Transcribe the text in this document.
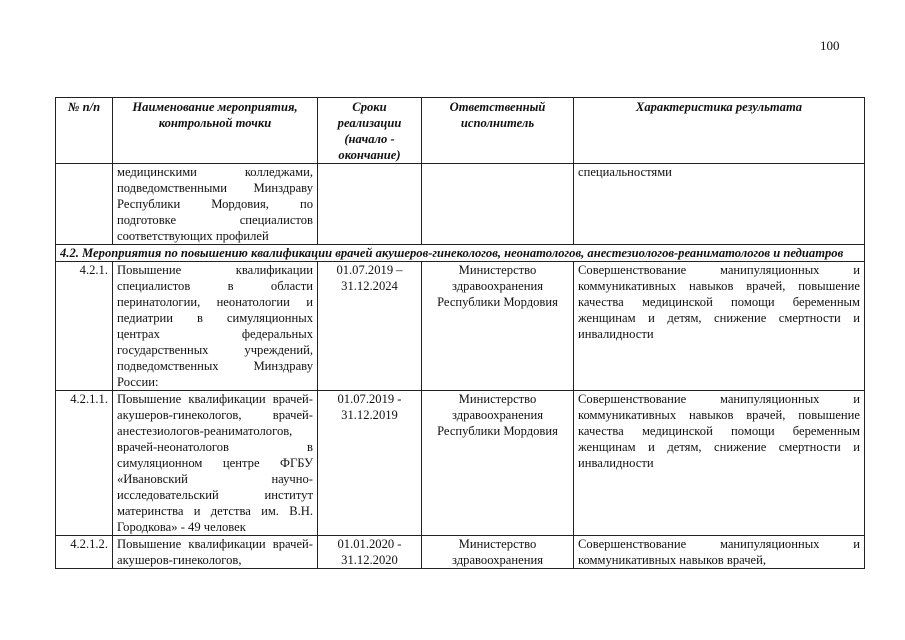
100
№ п/п	Наименование мероприятия, контрольной точки	Сроки реализации (начало - окончание)	Ответственный исполнитель	Характеристика результата
	медицинскими колледжами, подведомственными Минздраву Республики Мордовия, по подготовке специалистов соответствующих профилей			специальностями
4.2. Мероприятия по повышению квалификации врачей акушеров-гинекологов, неонатологов, анестезиологов-реаниматологов и педиатров				
4.2.1.	Повышение квалификации специалистов в области перинатологии, неонатологии и педиатрии в симуляционных центрах федеральных государственных учреждений, подведомственных Минздраву России:	01.07.2019 – 31.12.2024	Министерство здравоохранения Республики Мордовия	Совершенствование манипуляционных и коммуникативных навыков врачей, повышение качества медицинской помощи беременным женщинам и детям, снижение смертности и инвалидности
4.2.1.1.	Повышение квалификации врачей-акушеров-гинекологов, врачей-анестезиологов-реаниматологов, врачей-неонатологов в симуляционном центре ФГБУ «Ивановский научно-исследовательский институт материнства и детства им. В.Н. Городкова» - 49 человек	01.07.2019 - 31.12.2019	Министерство здравоохранения Республики Мордовия	Совершенствование манипуляционных и коммуникативных навыков врачей, повышение качества медицинской помощи беременным женщинам и детям, снижение смертности и инвалидности
4.2.1.2.	Повышение квалификации врачей-акушеров-гинекологов,	01.01.2020 - 31.12.2020	Министерство здравоохранения	Совершенствование манипуляционных и коммуникативных навыков врачей,
